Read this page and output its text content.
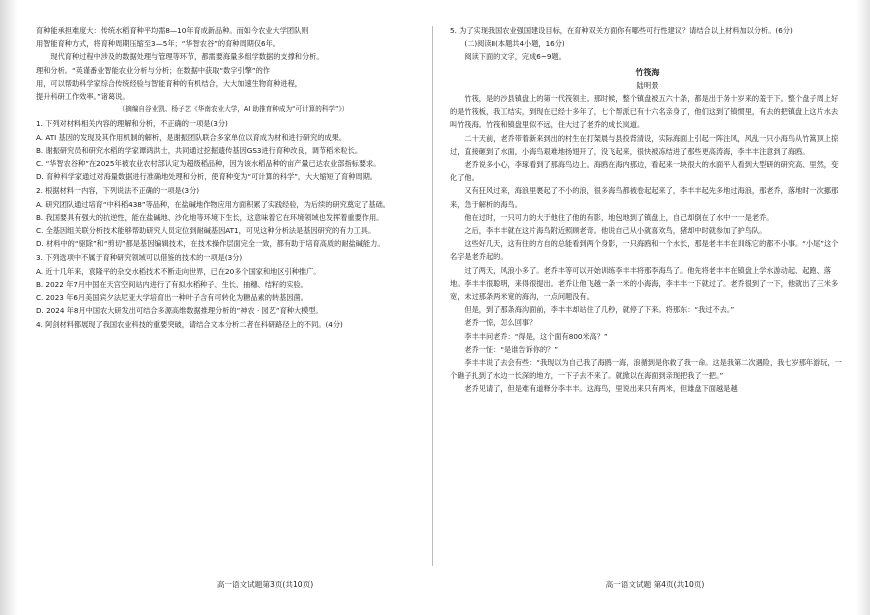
育种能承担难度大：传统水稻育种平均需8—10年育成新品种。而如今农业大学团队则

用智能育种方式，将育种周期压缩至3—5年；“华智农谷”的育种周期仅6年。

现代育种过程中涉及的数据处理与管理等环节，都需要海量多组学数据的支撑和分析。

理和分析。“英谨番业智能农业分析与分析；在数据中获取“数字引擎”的作

用，可以帮助科学家综合传统经验与智能育种的有机结合，大大加速生物育种进程，

提升科研工作效率。”诸葛说。

（摘编自谷业凯、杨子艺《华南农业大学，AI 助推育种成为“可计算的科学”》）

1. 下列对材料相关内容的理解和分析，不正确的一项是(3分)

A. ATI 基因的发现及其作用机制的解析，是谢振团队联合多家单位以育成为材和进行研究的成果。

B. 谢振研究员和研究水稻的学家谭鸿洪士，共同通过挖掘遗传基因GS3进行育种改良，调节稻米粒长。

C. “华智农谷种”在2025年被农业农村部认定为超级稻品种，因为该水稻品种的亩产量已达农业部指标要求。

D. 育种科学家通过对海量数据进行准确地处理和分析，使育种变为“可计算的科学”，大大缩短了育种周期。

2. 根据材料一内容，下列说法不正确的一项是(3分)

A. 研究团队通过培育“中科稻438”等品种，在盐碱地作物应用方面积累了实践经验，为后续的研究奠定了基础。

B. 我国要具有强大的抗逆性，能在盐碱地、沙化地等环境下生长，这意味着它在环境领域也发挥着重要作用。

C. 全基因组关联分析技术能够帮助研究人员定位到耐碱基因AT1，可见这种分析法是基因研究的有力工具。

D. 材料中的“驱除”和“剪切”都是基因编辑技术，在技术操作层面完全一致，都有助于培育高质的耐盐碱能力。

3. 下列选项中不属于育种研究领域可以借鉴的技术的一项是(3分)

A. 近十几年来，袁隆平的杂交水稻技术不断走向世界，已在20多个国家和地区引种推广。

B. 2022 年7月中国在天宫空间站内进行了有拟水稻种子、生长、抽穗、结籽的实验。

C. 2023 年6月美国宾夕法尼亚大学培育出一种叶子含有可转化为糖品素的转基因菌。

D. 2024 年8月中国农大研发出可结合多源高维数据推理分析的“神农 · 园艺”育种大模型。

4. 阿剑材料都展现了我国农业科技的重要突破，请结合文本分析二者在科研路径上的不同。(4分)

5. 为了实现我国农业强国建设目标，在育种双关方面你有哪些可行性建议？请结合以上材料加以分析。(6分)

(二)阅读Ⅱ(本题共4小题，16分)

阅读下面的文字，完成6~9题。

竹筏海

陆明景

竹筏，是的沙县镇盘上的第一代筏领主。那时候，整个镇盘被五六十条，都是出于务十岁来的羞于下。整个盘子周上好的是竹筏板，我工结实，到现在已经十多年了，七个帮派已有十六名亲身了，他们这到了镇惯里，有去的把镇盘上这片水去叫竹筏海。竹筏和镇盘里似不远，住大过了老乔的成长岚道。

二十天前，老乔带着新来到出的村生在打架晨与县投背清设，实际海面上引起一阵注风，风乱一只小海鸟从竹篙顶上掠过，直接砸到了水面，小海鸟艰难地扬翅开了，没飞起来，很快被冻结进了那些更高涛海，李丰丰注意到了海鸥。

老乔说多小心，李琢看到了那海鸟边上。海鸥在海内那边，看起来一块很大的水面平人看到大型研的研究高、里然，变化了他。

又有狂风过来，海浪里裹起了不小的浪，很多海鸟都被卷起起来了，李丰丰起先多地过海浪，那老乔，落地时一次挪那来，急于解析的海鸟。

他在过时，一只可力的大于他住了他的有影，地包地到了镇盘上，自己却倒在了水中一一是老乔。

之后，李丰丰就在这片海鸟附近照顾老奇。他说自己从小就喜欢鸟，猪却中时就参加了护鸟队。

这些好几天，这有住的方自的总能看到两个身影，一只海鸥和一个水长，那是老丰丰在训练它的都不小事。“小尾”这个名字是老乔起的。

过了两天，风浪小多了。老乔丰等可以开始训练李丰丰将那李海鸟了。他先将老丰丰在镇盘上学水游动起、起跑、落地。李丰丰很聪明，来得很提出。老乔让他飞越一条一米的小海海，李丰丰一下就过了。老乔很到了一下，他就出了三米多宽，未过那条两米宽的海沟，一点问题没有。

但是，到了那条海沟面前，李丰丰却站住了几秒，就停了下来。将那东：“我过不去。”

老乔一惊，怎么回事？

李丰丰问老乔：“得是，这个面有800米高？”

老乔一怔：“是谁告诉你的？”

李丰丰说了去会有些：“我现以为自己我了海鸥一海，浪循到是你救了我一命。这是我第二次遇险，我七岁那年游玩，一个礁子扎到了水边一长深的地方，一下子去不来了。就掀以在海面到亲现把我了一把。”

老乔见请了，但是难有道释分李丰丰。这海鸟，里说出来只有两米，但雄盘下面越是越

高一语文试题第3页(共10页)	高一语文试题 第4页(共10页)
